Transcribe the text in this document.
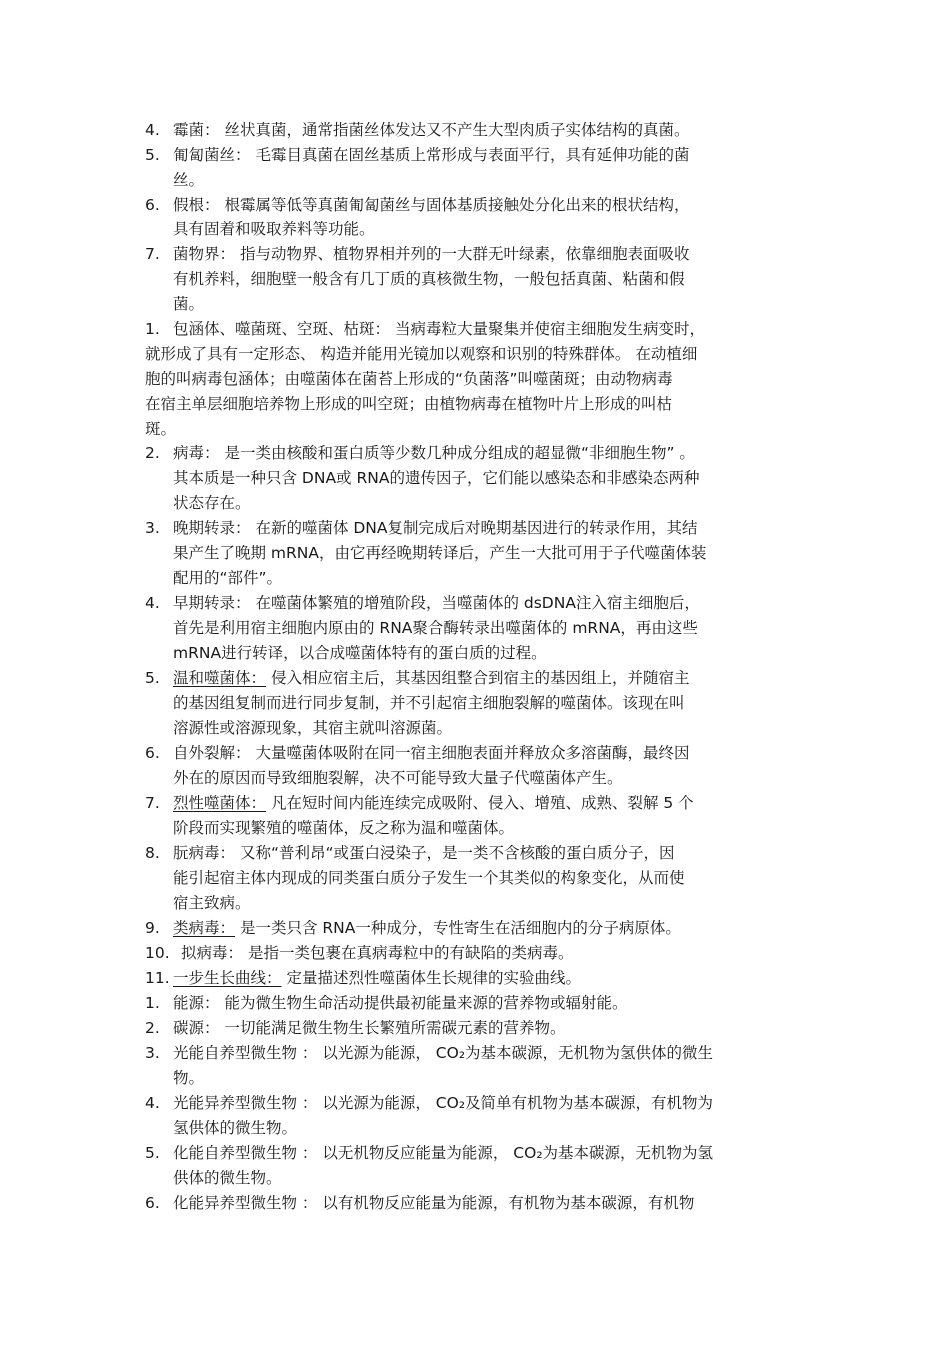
4. 霉菌： 丝状真菌，通常指菌丝体发达又不产生大型肉质子实体结构的真菌。
5. 匍匐菌丝： 毛霉目真菌在固丝基质上常形成与表面平行，具有延伸功能的菌
丝。
6. 假根： 根霉属等低等真菌匍匐菌丝与固体基质接触处分化出来的根状结构，
具有固着和吸取养料等功能。
7. 菌物界： 指与动物界、植物界相并列的一大群无叶绿素，依靠细胞表面吸收
有机养料，细胞壁一般含有几丁质的真核微生物，一般包括真菌、粘菌和假
菌。
1. 包涵体、噬菌斑、空斑、枯斑： 当病毒粒大量聚集并使宿主细胞发生病变时，
就形成了具有一定形态、 构造并能用光镜加以观察和识别的特殊群体。 在动植细
胞的叫病毒包涵体；由噬菌体在菌苔上形成的“负菌落”叫噬菌斑；由动物病毒
在宿主单层细胞培养物上形成的叫空斑；由植物病毒在植物叶片上形成的叫枯
斑。
2. 病毒： 是一类由核酸和蛋白质等少数几种成分组成的超显微“非细胞生物” 。
其本质是一种只含 DNA或 RNA的遗传因子，它们能以感染态和非感染态两种
状态存在。
3. 晚期转录： 在新的噬菌体 DNA复制完成后对晚期基因进行的转录作用，其结
果产生了晚期 mRNA，由它再经晚期转译后，产生一大批可用于子代噬菌体装
配用的“部件”。
4. 早期转录： 在噬菌体繁殖的增殖阶段，当噬菌体的 dsDNA注入宿主细胞后，
首先是利用宿主细胞内原由的 RNA聚合酶转录出噬菌体的 mRNA，再由这些
mRNA进行转译，以合成噬菌体特有的蛋白质的过程。
5. 温和噬菌体： 侵入相应宿主后，其基因组整合到宿主的基因组上，并随宿主
的基因组复制而进行同步复制，并不引起宿主细胞裂解的噬菌体。该现在叫
溶源性或溶源现象，其宿主就叫溶源菌。
6. 自外裂解： 大量噬菌体吸附在同一宿主细胞表面并释放众多溶菌酶，最终因
外在的原因而导致细胞裂解，决不可能导致大量子代噬菌体产生。
7. 烈性噬菌体： 凡在短时间内能连续完成吸附、侵入、增殖、成熟、裂解 5 个
阶段而实现繁殖的噬菌体，反之称为温和噬菌体。
8. 朊病毒： 又称“普利昂“或蛋白浸染子，是一类不含核酸的蛋白质分子，因
能引起宿主体内现成的同类蛋白质分子发生一个其类似的构象变化，从而使
宿主致病。
9. 类病毒： 是一类只含 RNA一种成分，专性寄生在活细胞内的分子病原体。
10. 拟病毒： 是指一类包裹在真病毒粒中的有缺陷的类病毒。
11. 一步生长曲线： 定量描述烈性噬菌体生长规律的实验曲线。
1. 能源： 能为微生物生命活动提供最初能量来源的营养物或辐射能。
2. 碳源： 一切能满足微生物生长繁殖所需碳元素的营养物。
3. 光能自养型微生物 ： 以光源为能源， CO₂为基本碳源，无机物为氢供体的微生
物。
4. 光能异养型微生物 ： 以光源为能源， CO₂及简单有机物为基本碳源，有机物为
氢供体的微生物。
5. 化能自养型微生物 ： 以无机物反应能量为能源， CO₂为基本碳源，无机物为氢
供体的微生物。
6. 化能异养型微生物 ： 以有机物反应能量为能源，有机物为基本碳源，有机物
